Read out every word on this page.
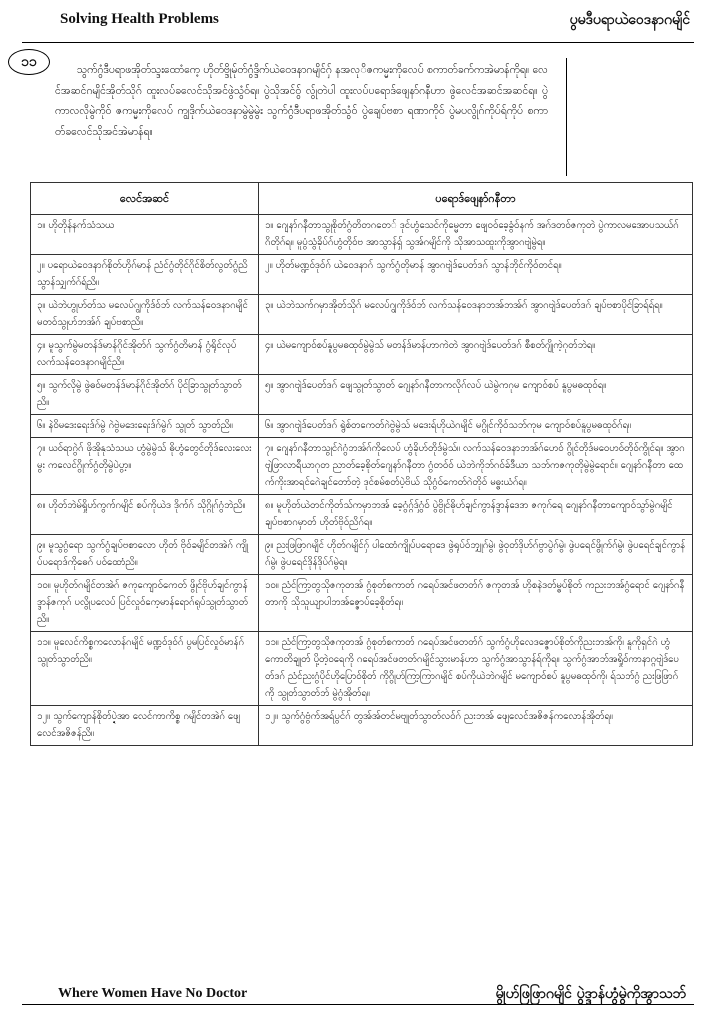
Solving Health Problems	ပွမဒီပရာယဲဝေဒနာဂမျိင်
၁၁	သွက်ဂွံဒီပရာဖအိုတ်သ္ဒးထောံကေ့ ဟိုတ်ဗ္ဒိုမ်ုတ်ဂွံဒ္ဒိက်ယဲဝေဒနာဂမျိင်ဂှ် နအလုိဇကမ္မးကိုလေပ် စကာတ်ခက်ကအဲမာန်ကိုရ။ လေင်အဆင်ဂမျိင်အိုတ်သိုဂ် ထူးလပ်ခလေင်သိုအင်ဖွဲသွံဝ်ရ။ ပွဲသိုအင်ဝ်ွ လွ်ုတဲပါ ထူးလပ်ပရောဒ်ဖျေနာ်ဂနီဟာ ဖွဲလေင်အဆင်အဆင်ရ။ ပွဲကာလလိုမွဲကိုဝ် ဇကမ္မးကိုလေပ် ကျွဒိုက်ယဲဝေဒနာမွဲမွဲမွဲး သွက်ဂွံဒီပရာဖအိုတ်သွံဝ် ပွဲချေပ်ဗစာ ရဏာကိုဝ် ပွဲမပလွိုဂ်ကိုပ်ရ်ကိုပ် စကာတ်ခလေင်သိုအင်အဲမာန်ရ။
လေင်အဆင်	ပရောဒ်ဖျေနာ်ဂနီတာ
၁။ ဟိုတိုန်နက်သံသယ	၁။ ဂျေနာ်ဂနီတာသွုစိုတ်ဂွံတိတဂတေ် ဒုင်ဟွံသေင်ကိုမ္မေတာ ဖျေဝဝ်ခေ့ခွံဝ်နက် အဂ်ဒတဝ်ဇကုတဲ ပွဲကာလမအောပသယ်ဂ် ဂိတိုဂ်ရ။ မူပွံသွံခိုပ်ဂ်ဟွံတိုဝ်ဗ အာသွာန်ရှ် သွအ်ဂမျိင်ကို သိုအာသထူးကိုအွာဂဗျဲမွဲရ။
၂။ ပရောယဲဝေဒနာဂ်စိုတ်ဟိုဂ်မာန် ညံင်ဂွံတိုင်ဂိုင်စိတ်လွတ်ဂွံညိသွာန်သျှက်ဂ်ရ်ညိ။	၂။ ဟိုတ်မဏ္ဍဝ်ဒုဝ်ဂ် ယဲဝေဒနာဂ် သွက်ဂွံတိုမာန် အွာဂဗျဲဒ်ပေတ်ဒဂ် သွာန်ဘိုင်ကိုဝ်တင်ရ။
၃။ ယဲဘဲဟွုဟ်တ်သ မလေပ်ဂျွကိုဒ်ဝ်ဘ် လက်သန်ဝေဒနာဂမျိင် မတဝ်သွုဟ်ဘအ်ဂ် ချပ်ဗစာညိ။	၃။ ယဲဘဲသက်ဂမှာအိုတ်သိုဂ် မလေပ်ဂျွကိုဒ်ဝ်ဘ် လက်သန်ဝေဒနာဘအ်ဘအ်ဂ် အွာဂဗျဲဒ်ပေတ်ဒဂ် ချပ်ဗစာပိုင်ခြာရ်ရ်ရ။
၄။ မူသွက်မွဲမတန်ဒ်မာန်ဂိုင်အိုတ်ဂ် သွက်ဂွံတိမာန် ဂွံရိုင်လုပ်လက်သန်ဝေဒနာဂမျိင်ညိ။	၄။ ယဲမကျောဝ်စပ်နူပွမဓထုဝ်မွဲမွဲသ် မတန်ဒ်မာန်ဟာကဲတဲ အွာဂဗျဲဒ်ပေတ်ဒဂ် စီစတ်ဂျိုကဲ့ဂုတ်ဘဲရ။
၅။ သွက်လိုမွဲ ဖွဲဓဝ်မတန်ဒ်မာန်ဂိုင်အိုတ်ဂ် ပိုင်ခြာသွုတ်သွာတ်ညိ။	၅။ အွာဂဗျဲဒ်ပေတ်ဒဂ် ဖျေသွုတ်သွာတ် ဂျေနာ်ဂနီတာကလိုဂ်လပ် ယဲမွဲကဂုမ ကျောဝ်စပ် နူပွမဓထုဝ်ရ။
၆။ နဲဝိမဒေးရေးဒ်ဂ်မွဲ ဂဲဗွဲမဒေးရေးဒ်ဂ်မွဲဂ် သွုတ် သွာတ်ညိ။	၆။ အွာဂဗျဲဒ်ပေတ်ဒဂ် ရွဲစ်တကေတ်ဂဲဗွဲမွဲသ် မဒေးရ်ဟိုယဲဂမျိင် မဂွိုင်ကိုဝ်သဘ်ကုမ ကျောဝ်စပ်နူပွမဓထုဝ်ဂ်ရ။
၇။ ယဝ်ရာဂွဲဂ် ဖိုအိုနုသံသယ ဟွံမွဲမွဲသ် ဓိုဟွံတွေင်တိုဒ်လေးလေးမွး ကလေင်ဂွိုက်ဂွံတိုမွဲပဲပွာ့။	၇။ ဂျေနာ်ဂနီတာသွုင်ဂဲဂွံဘအ်ဂ်ကိုလေပ် ဟွံခိုဟ်တိုဒ်မွဲသ်။ လက်သန်ဝေဒနာဘအ်ဂ်ဟေဝ် ဂွိုင်တိုဒ်မဝေဟဝ်တိုဝ်ကွိုင်ရ။ အွာဂဗျဲဖြာလာရီယာဂုတ ညာတ်ခေ့စိုတ်ဂျေနာ်ဂနီတာ ဂွံတဝ်ဝ် ယဲဘဲကိုဘ်ဂဝ်ခ်ဒီယာ သဘ်ကဇကုတိုမွဲမွဲရောင်။ ဂျေနာ်ဂနီတာ ထေက်ကိုးအာရင်ဂေဲချင်တော်တဲ့ ဒုင်စမ်စတ်ပဲ့ဗိယ် သိုဂွံဝ်ကေတ်ဂဲတိုဝ် မဓ္ဓးယံဂ်ရ။
၈။ ဟိုတ်ဘဲမ်ရှိုဟ်ကွက်ဂမျိင် စပ်ကိုယဲဒ ဒိုက်ဂ် သိုဂ္ဂိုဂ်ဂွံဘဲညိ။	၈။ မူဟိုတ်ယဲတင်ကိုတ်သ်ကမှာဘအ် ခေ့ဂွံဂ္ဂှ်ဒ်ဂွံဝ် ပွဲဗွိုင်ဓိုဟ်ချင်ကွာန်ဒ္ဒာန်ဒေဒာ ဇကုဂ်ရေ ဂျေနာ်ဂနီတာကျောဝ်သွာ်မွဲဂမျိင် ချပ်ဗစာဂမှာတ် ဟိုတ်ဗိုဝ်ညိဂ်ရ။
၉။ မူသွဂွံရော သွက်ဂွံချပ်ဗစာလော ဟိုတ် ဗိုဝ်ခမျိင်တအဲဂ် ကျိုပ်ပရောဒ်ကိုဓေဂ် ပဝ်ထောံညိ။	၉။ ညးဖြဖြာဂမျိင် ဟိုတ်ဂမျိင်ဂှ် ပါထောံကျိုပ်ပရောဒေ ဖွဲရုပ်ဝ်ဘျှုဂ်မွဲ၊ ဖွဲဝုတ်ဒိုဟ်ဂ်ဗွာပွဲဂ်မွဲ၊ ဖွဲပရေင်ဖွိုက်ဂ်မွဲ၊ ဖွဲပရေင်ချင်ကွာန်ဂ်မွဲ၊ ဖွဲပရေင်ဒိုန်ဒိုပ်ဂ်မွဲရ။
၁၀။ မူဟိုတ်ဂမျိင်တအဲဂ် ဇကုကျောဝ်ကေတ် ဖွိုင်ဗိုဟ်ချင်ကွာန်ဒ္ဒာန်ဇကုဂ် ပလွိုပလေပ် ပြင်လှုဝ်ကေ့မာန်ရောဂ်ရုပ်သွုတ်သွာတ်ညိ။	၁၀။ ညံင်ကြာ့တွသိုဇကုတအ် ဂွံစုတ်စကာတ် ဂရေပ်အင်ဖတတ်ဂ် ဇကုတအ် ဟိုစနဲဒတ်မ္ဓပ်စိုတ် ကညးဘအ်ဂွံရောင် ဂျေနာ်ဂနီတာကို သိုသူယျာပါဘအ်ဇ္ဇောပ်ခေ့စိုတ်ရ။
၁၁။ မူလေင်ကိစ္စကလောန်ဂမျိင် မဏ္ဍဝ်ဒုဝ်ဂ် ပွမပြင်လှုဝ်မာန်ဂ် သွုတ်သွာတ်ညိ။	၁၁။ ညံင်ကြာ့တွသိုဇကုတအ် ဂွံစုတ်စကာတ် ဂရေပ်အင်ဖတတ်ဂ် သွက်ဂွံဟိုလေဒဇ္ဇောပ်စိုတ်ကိုညးဘအ်ကို၊ နူကိုရှင်ဂဲ ဟွံကောတိချုတ် ပို့တဲ့ဝရေကို ဂရေပ်အင်ဖတတ်ဂမျိင်သွားမာန်ဟာ သွက်ဂွံအာသွာန်ရ်ကိုရ။ သွက်ဂွံအာဘ်အရှိုဝ်ကာနာဂ္ဂဗျဲဒ်ပေတ်ဒဂ် ညံင်ညးဂွံပိုင်ဟိုပြောဝ်စိုတ် ကိုဂွိုဟ်ကြာ့ကြာဂမျိင် စပ်ကိုယဲဘဲဂမျိင် မကျောဝ်စပ် နူပွမဓထုဝ်ကို၊ ရ်သဘ်ဂွံ ညးဖြဖြာဂ်ကို သွုတ်သွာတ်ဘ် မွဲဂွံအိုတ်ရ။
၁၂။ သွက်ကျောန်စိုတ်ပ္ဍဲအာ လေင်ကာကိစ္စ ဂမျိင်တအဲဂ် ဖျေလေင်အဇိဇန်ညိ။	၁၂။ သွက်ဂွံဗွံက်အရ်ပွင်ဂ် တွအ်အ်တင်မဗျုတ်သွာတ်လဝ်ဂ် ညးဘအ် ဖျေလေင်အဇိဇန်ကလောန်အိုတ်ရ။
Where Women Have No Doctor	မွိုဟ်ဖြဖြာဂမျိင် ပွဲဒ္ဒာန်ဟွံမွဲကိုအွာသဘ်
